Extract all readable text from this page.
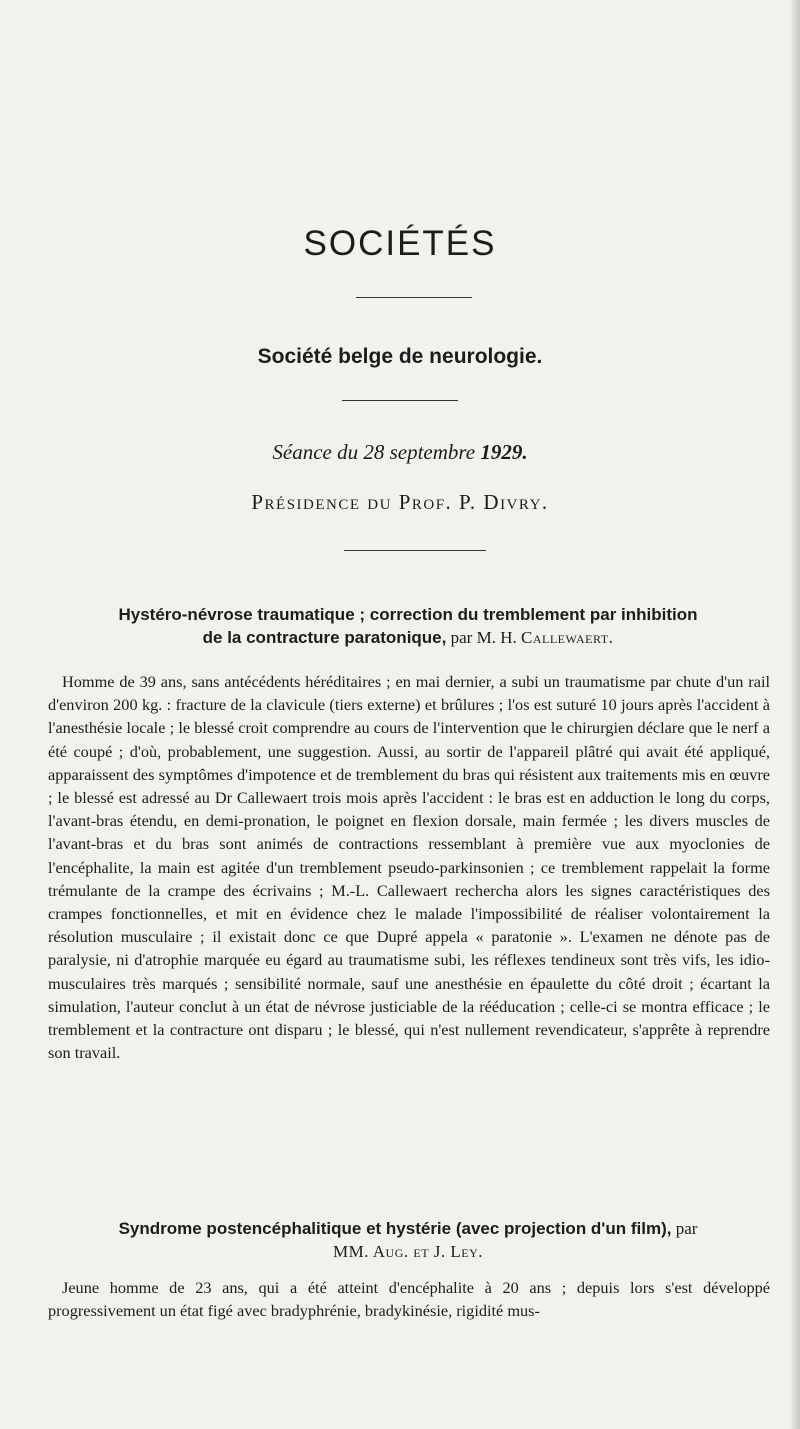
SOCIÉTÉS
Société belge de neurologie.
Séance du 28 septembre 1929.
Présidence du Prof. P. Divry.
Hystéro-névrose traumatique ; correction du tremblement par inhibition
de la contracture paratonique, par M. H. Callewaert.

Homme de 39 ans, sans antécédents héréditaires ; en mai dernier, a subi un traumatisme par chute d'un rail d'environ 200 kg. : fracture de la clavicule (tiers externe) et brûlures ; l'os est suturé 10 jours après l'accident à l'anesthésie locale ; le blessé croit comprendre au cours de l'intervention que le chirurgien déclare que le nerf a été coupé ; d'où, probablement, une suggestion. Aussi, au sortir de l'appareil plâtré qui avait été appliqué, apparaissent des symptômes d'impotence et de tremblement du bras qui résistent aux traitements mis en œuvre ; le blessé est adressé au Dr Callewaert trois mois après l'accident : le bras est en adduction le long du corps, l'avant-bras étendu, en demi-pronation, le poignet en flexion dorsale, main fermée ; les divers muscles de l'avant-bras et du bras sont animés de contractions ressemblant à première vue aux myoclonies de l'encéphalite, la main est agitée d'un tremblement pseudo-parkinsonien ; ce tremblement rappelait la forme trémulante de la crampe des écrivains ; M.-L. Callewaert rechercha alors les signes caractéristiques des crampes fonctionnelles, et mit en évidence chez le malade l'impossibilité de réaliser volontairement la résolution musculaire ; il existait donc ce que Dupré appela « paratonie ». L'examen ne dénote pas de paralysie, ni d'atrophie marquée eu égard au traumatisme subi, les réflexes tendineux sont très vifs, les idio-musculaires très marqués ; sensibilité normale, sauf une anesthésie en épaulette du côté droit ; écartant la simulation, l'auteur conclut à un état de névrose justiciable de la rééducation ; celle-ci se montra efficace ; le tremblement et la contracture ont disparu ; le blessé, qui n'est nullement revendicateur, s'apprête à reprendre son travail.

Syndrome postencéphalitique et hystérie (avec projection d'un film), par
MM. Aug. et J. Ley.

Jeune homme de 23 ans, qui a été atteint d'encéphalite à 20 ans ; depuis lors s'est développé progressivement un état figé avec bradyphrénie, bradykinésie, rigidité mus-
